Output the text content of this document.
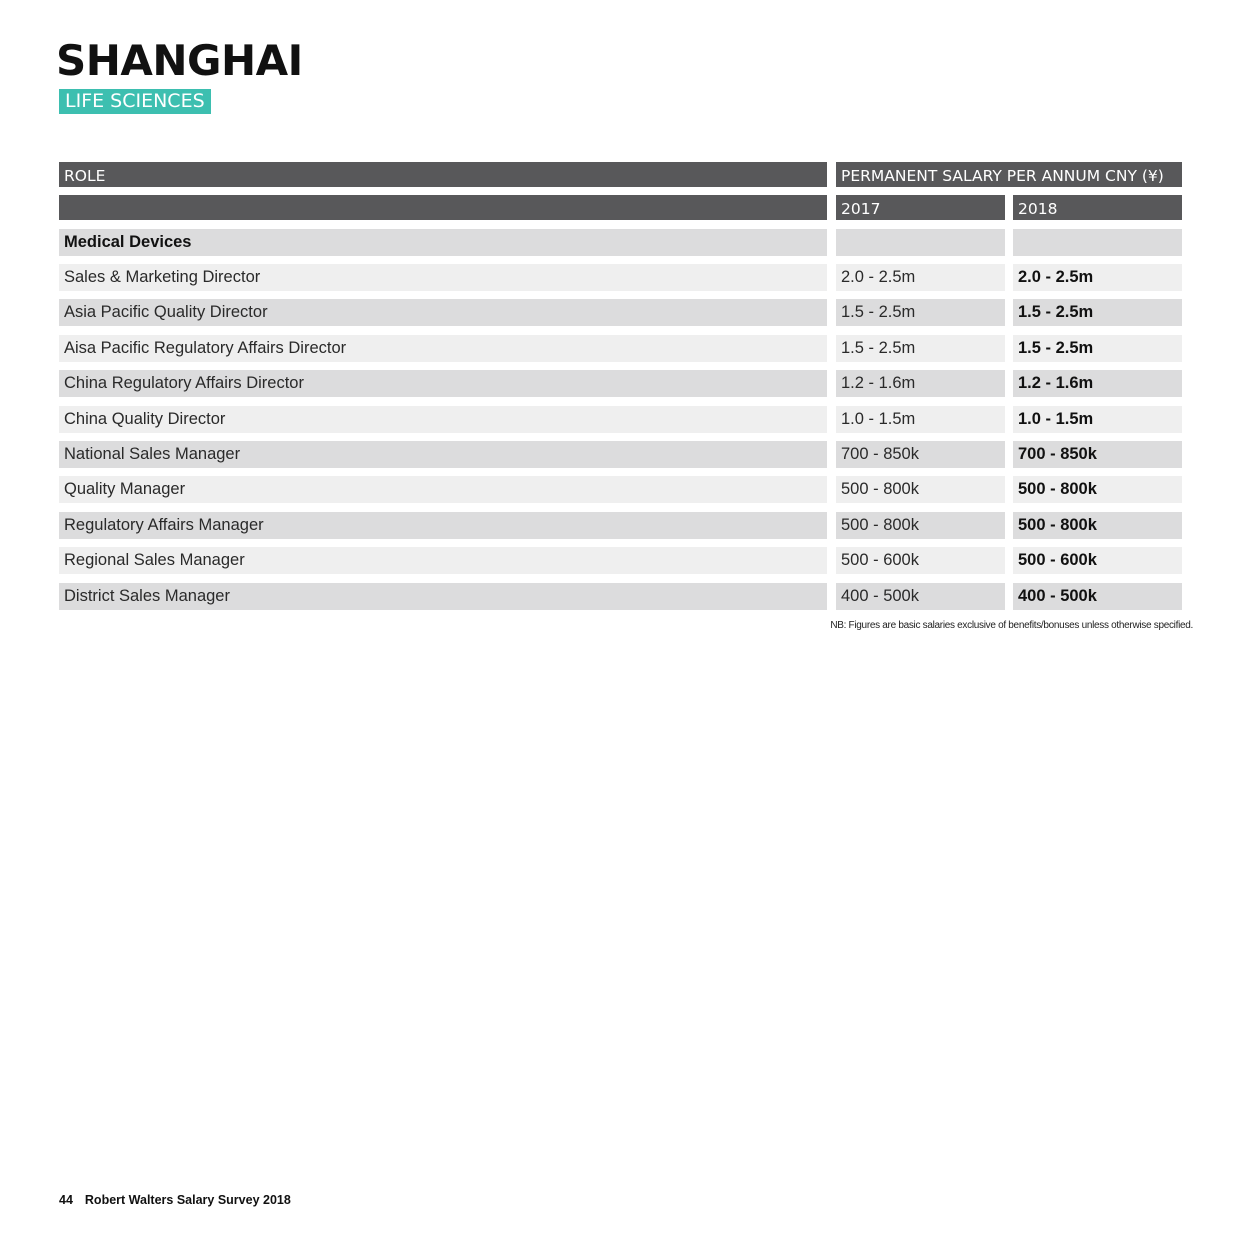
SHANGHAI
LIFE SCIENCES
ROLE	PERMANENT SALARY PER ANNUM CNY (¥)
2017	2018
Medical Devices
Sales & Marketing Director	2.0 - 2.5m	2.0 - 2.5m
Asia Pacific Quality Director	1.5 - 2.5m	1.5 - 2.5m
Aisa Pacific Regulatory Affairs Director	1.5 - 2.5m	1.5 - 2.5m
China Regulatory Affairs Director	1.2 - 1.6m	1.2 - 1.6m
China Quality Director	1.0 - 1.5m	1.0 - 1.5m
National Sales Manager	700 - 850k	700 - 850k
Quality Manager	500 - 800k	500 - 800k
Regulatory Affairs Manager	500 - 800k	500 - 800k
Regional Sales Manager	500 - 600k	500 - 600k
District Sales Manager	400 - 500k	400 - 500k
NB: Figures are basic salaries exclusive of benefits/bonuses unless otherwise specified.
44 Robert Walters Salary Survey 2018
